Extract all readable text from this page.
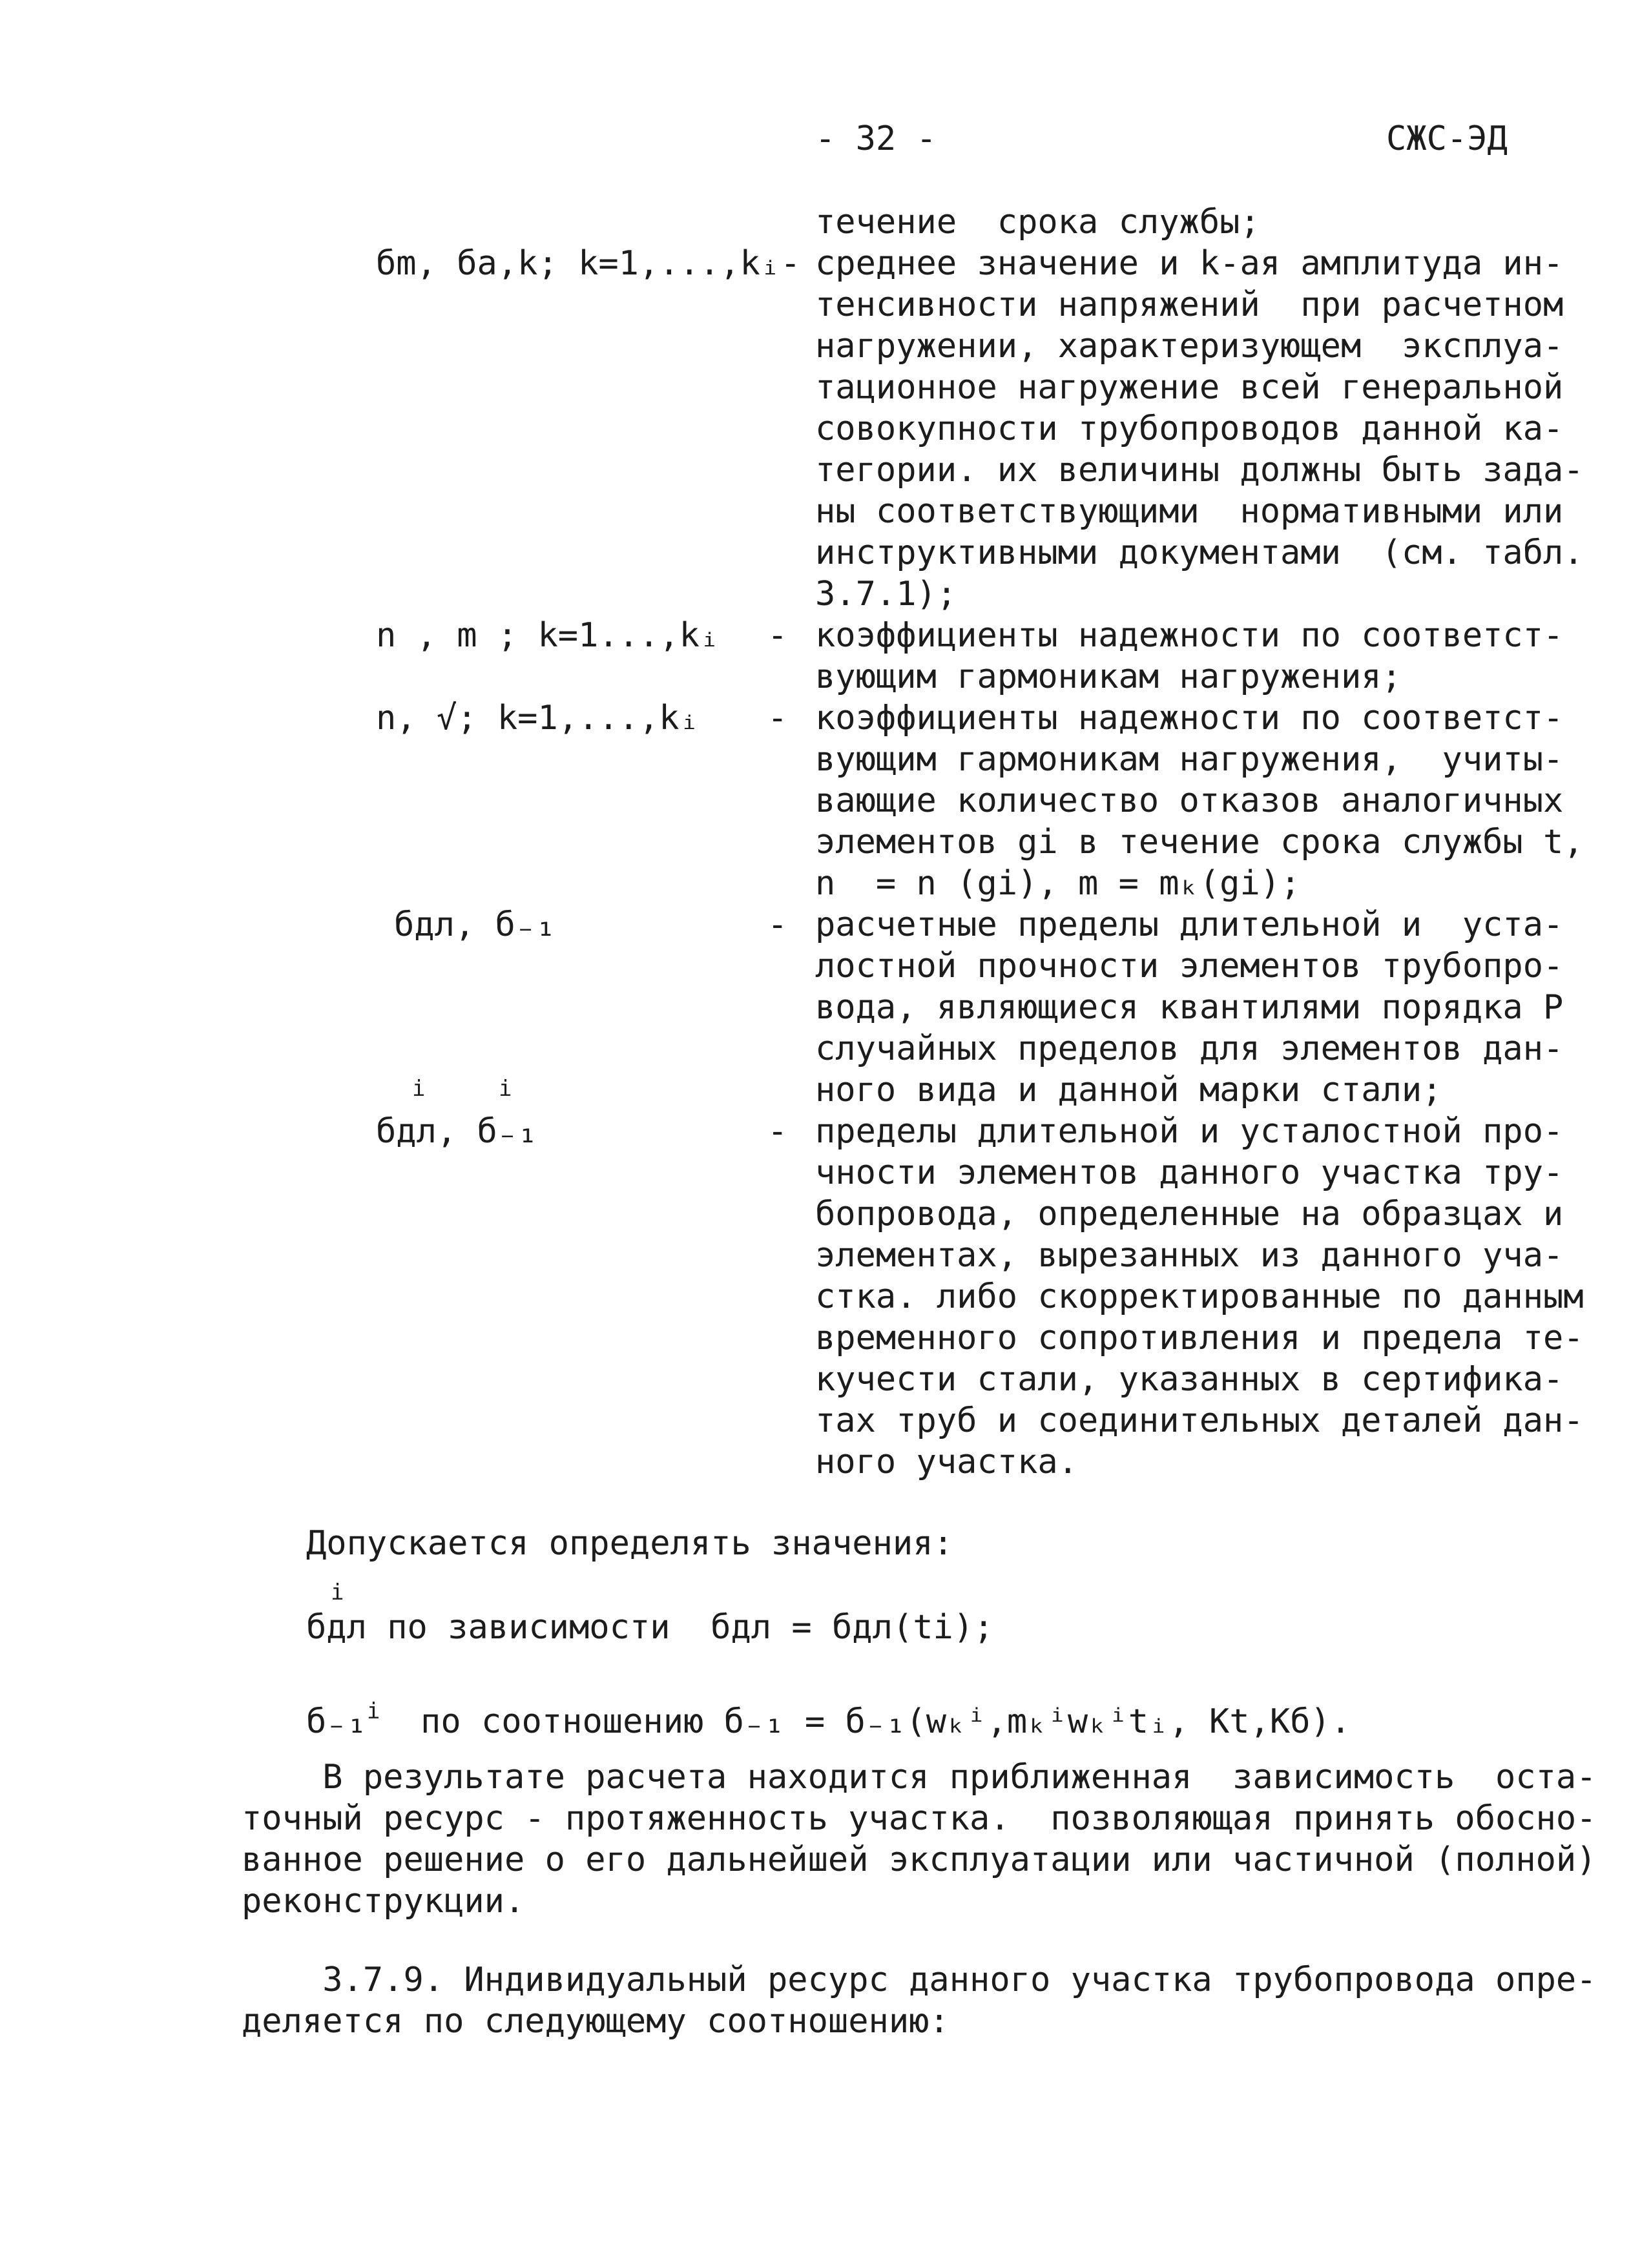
- 32 -	СЖС-ЭД
течение  срока службы;
бm, бa,k; k=1,...,kᵢ- среднее значение и k-ая амплитуда ин-
тенсивности напряжений  при расчетном
нагружении, характеризующем  эксплуа-
тационное нагружение всей генеральной
совокупности трубопроводов данной ка-
тегории. их величины должны быть зада-
ны соответствующими  нормативными или
инструктивными документами  (см. табл.
3.7.1);
n , m ; k=1...,kᵢ - коэффициенты надежности по соответст-
вующим гармоникам нагружения;
n, √; k=1,...,kᵢ - коэффициенты надежности по соответст-
вующим гармоникам нагружения,  учиты-
вающие количество отказов аналогичных
элементов gi в течение срока службы t,
n  = n (gi), m = mₖ(gi);
бдл, б₋₁	- расчетные пределы длительной и  уста-
лостной прочности элементов трубопро-
вода, являющиеся квантилями порядка P
случайных пределов для элементов дан-
ного вида и данной марки стали;
i	i
бдл, б₋₁	- пределы длительной и усталостной про-
чности элементов данного участка тру-
бопровода, определенные на образцах и
элементах, вырезанных из данного уча-
стка. либо скорректированные по данным
временного сопротивления и предела те-
кучести стали, указанных в сертифика-
тах труб и соединительных деталей дан-
ного участка.
Допускается определять значения:
i
бдл по зависимости  бдл = бдл(ti);
б₋₁$^i$  по соотношению б₋₁ = б₋₁(wₖⁱ,mₖⁱwₖⁱtᵢ, Kt,Kб).
В результате расчета находится приближенная  зависимость  оста-
точный ресурс - протяженность участка.  позволяющая принять обосно-
ванное решение о его дальнейшей эксплуатации или частичной (полной)
реконструкции.
3.7.9. Индивидуальный ресурс данного участка трубопровода опре-
деляется по следующему соотношению:
